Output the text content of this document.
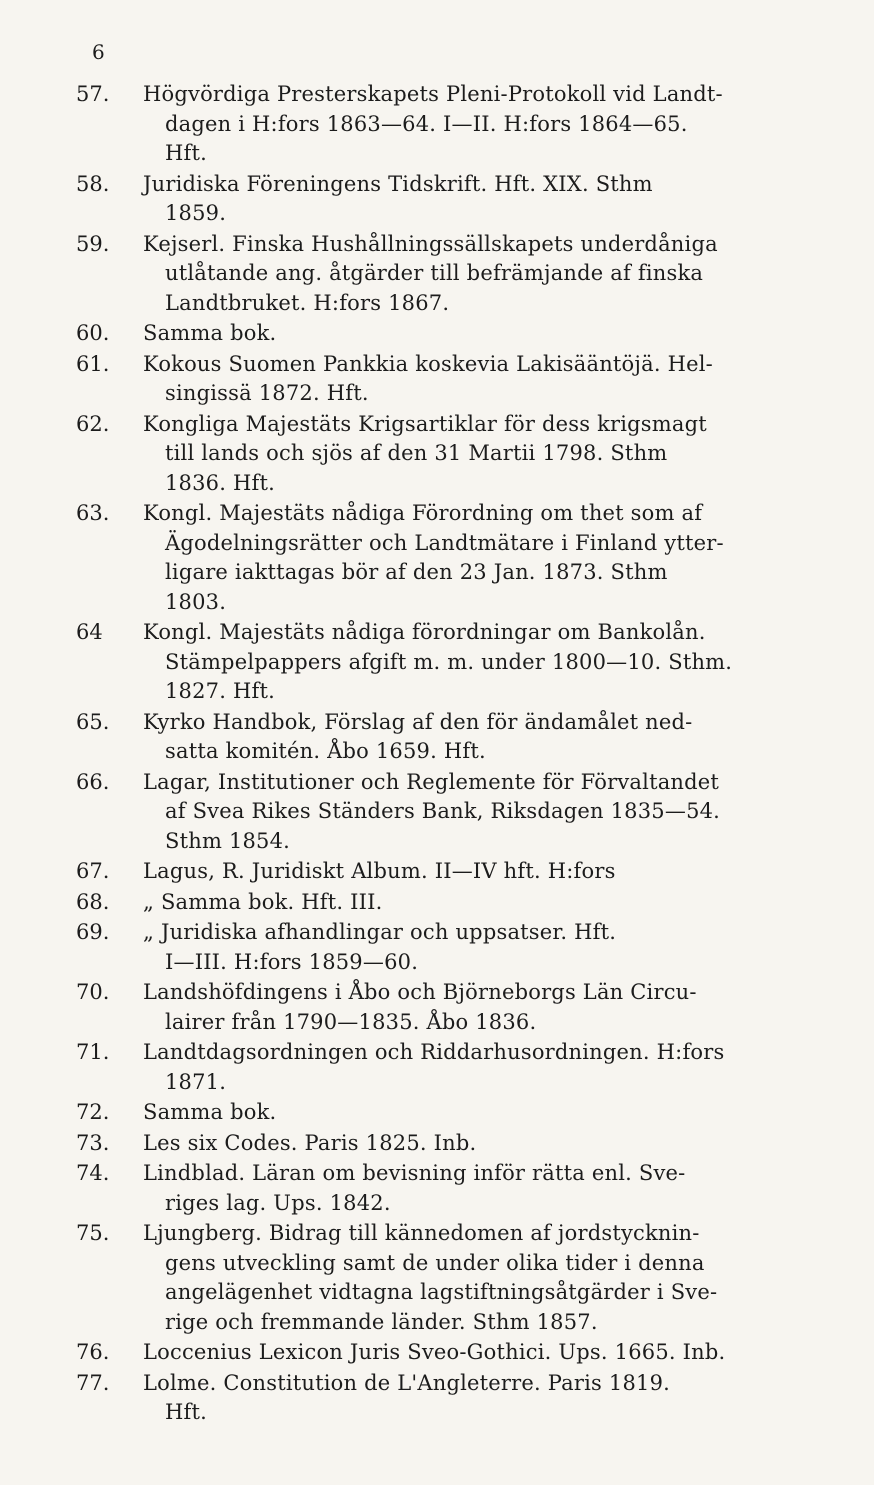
6
57.	Högvördiga Presterskapets Pleni-Protokoll vid Landt-
dagen i H:fors 1863—64. I—II. H:fors 1864—65.
Hft.
58.	Juridiska Föreningens Tidskrift. Hft. XIX. Sthm
1859.
59.	Kejserl. Finska Hushållningssällskapets underdåniga
utlåtande ang. åtgärder till befrämjande af finska
Landtbruket. H:fors 1867.
60.	Samma bok.
61.	Kokous Suomen Pankkia koskevia Lakisääntöjä. Hel-
singissä 1872. Hft.
62.	Kongliga Majestäts Krigsartiklar för dess krigsmagt
till lands och sjös af den 31 Martii 1798. Sthm
1836. Hft.
63.	Kongl. Majestäts nådiga Förordning om thet som af
Ägodelningsrätter och Landtmätare i Finland ytter-
ligare iakttagas bör af den 23 Jan. 1873. Sthm
1803.
64	Kongl. Majestäts nådiga förordningar om Bankolån.
Stämpelpappers afgift m. m. under 1800—10. Sthm.
1827. Hft.
65.	Kyrko Handbok, Förslag af den för ändamålet ned-
satta komitén. Åbo 1659. Hft.
66.	Lagar, Institutioner och Reglemente för Förvaltandet
af Svea Rikes Ständers Bank, Riksdagen 1835—54.
Sthm 1854.
67.	Lagus, R. Juridiskt Album. II—IV hft. H:fors
68.	„ Samma bok. Hft. III.
69.	„ Juridiska afhandlingar och uppsatser. Hft.
I—III. H:fors 1859—60.
70.	Landshöfdingens i Åbo och Björneborgs Län Circu-
lairer från 1790—1835. Åbo 1836.
71.	Landtdagsordningen och Riddarhusordningen. H:fors
1871.
72.	Samma bok.
73.	Les six Codes. Paris 1825. Inb.
74.	Lindblad. Läran om bevisning inför rätta enl. Sve-
riges lag. Ups. 1842.
75.	Ljungberg. Bidrag till kännedomen af jordstycknin-
gens utveckling samt de under olika tider i denna
angelägenhet vidtagna lagstiftningsåtgärder i Sve-
rige och fremmande länder. Sthm 1857.
76.	Loccenius Lexicon Juris Sveo-Gothici. Ups. 1665. Inb.
77.	Lolme. Constitution de L'Angleterre. Paris 1819.
Hft.
